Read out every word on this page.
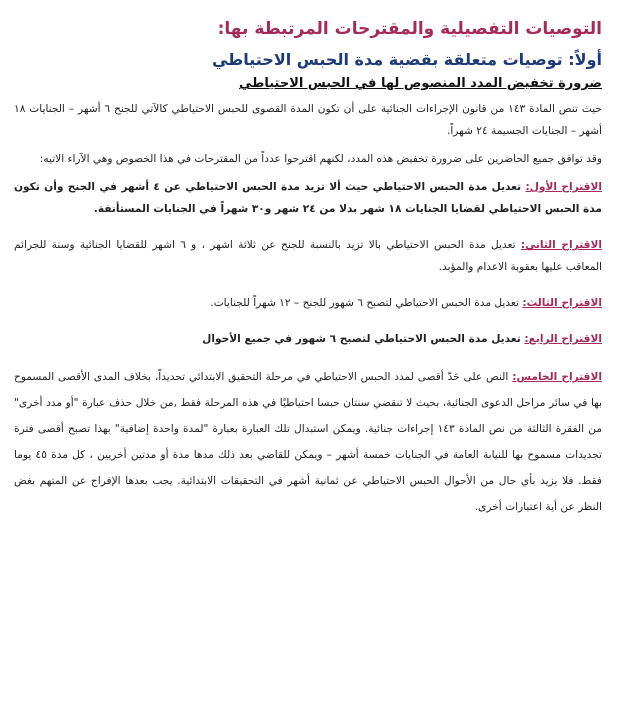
التوصيات التفصيلية والمقترحات المرتبطة بها:
أولاً: توصيات متعلقة بقضية مدة الحبس الاحتياطي
ضرورة تخفيض المدد المنصوص لها في الحبس الاحتياطي

حيث تنص المادة ١٤٣ من قانون الإجراءات الجنائية على أن تكون المدة القصوى للحبس الاحتياطي كالآتي للجنح ٦ أشهر – الجنايات ١٨ أشهر – الجنايات الجسيمة ٢٤ شهراً.

وقد توافق جميع الحاضرين على ضرورة تخفيض هذه المدد، لكنهم اقترحوا عدداً من المقترحات في هذا الخصوص وهي الآراء الاتيه:

الاقتراح الأول: تعديل مدة الحبس الاحتياطي حيث ألا تزيد مدة الحبس الاحتياطي عن ٤ أشهر في الجنح وأن تكون مدة الحبس الاحتياطي لقضايا الجنايات ١٨ شهر بدلا من ٢٤ شهر و٣٠ شهراً في الجنايات المستأنفة.

الاقتراح الثاني: تعديل مدة الحبس الاحتياطي بالا تزيد بالنسبة للجنح عن ثلاثة اشهر ، و ٦ اشهر للقضايا الجنائية وسنة للجرائم المعاقب عليها بعقوبة الاعدام والمؤبد.

الاقتراح الثالث: تعديل مدة الحبس الاحتياطي لتصبح ٦ شهور للجنح – ١٢ شهراً للجنايات.

الاقتراح الرابع: تعديل مدة الحبس الاحتياطي لتصبح ٦ شهور في جميع الأحوال

الاقتراح الخامس: النص على حَدّ أقصى لمدد الحبس الاحتياطي في مرحلة التحقيق الابتدائي تحديداً، بخلاف المدى الأقصى المسموح بها في سائر مراحل الدعوى الجنائية، بحيث لا تنقضي سنتان حبسا احتياطيًا في هذه المرحلة فقط ,من خلال حذف عبارة "أو مدد أخرى" من الفقرة الثالثة من نص المادة ١٤٣ إجراءات جنائية. ويمكن استبدال تلك العبارة بعبارة "لمدة واحدة إضافية" بهذا تصبح أقصى فترة تجديدات مسموح بها للنيابة العامة في الجنايات خمسة أشهر – ويمكن للقاضي بعد ذلك مدها مدة أو مدتين أخريين ، كل مدة ٤٥ يوما فقط. فلا يزيد بأي حال من الأحوال الحبس الاحتياطي عن ثمانية أشهر في التحقيقات الابتدائية. يجب بعدها الإفراج عن المتهم بغض النظر عن أية اعتبارات أخرى.
